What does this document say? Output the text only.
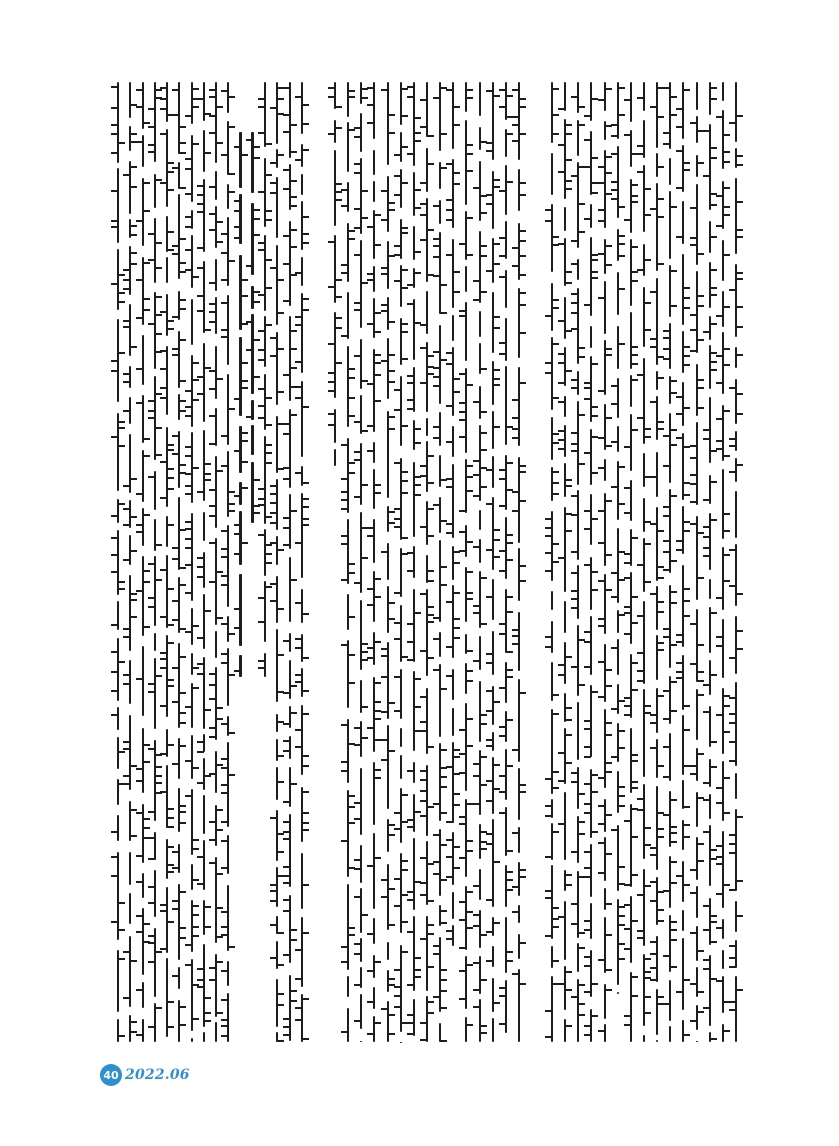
40 2022.06
